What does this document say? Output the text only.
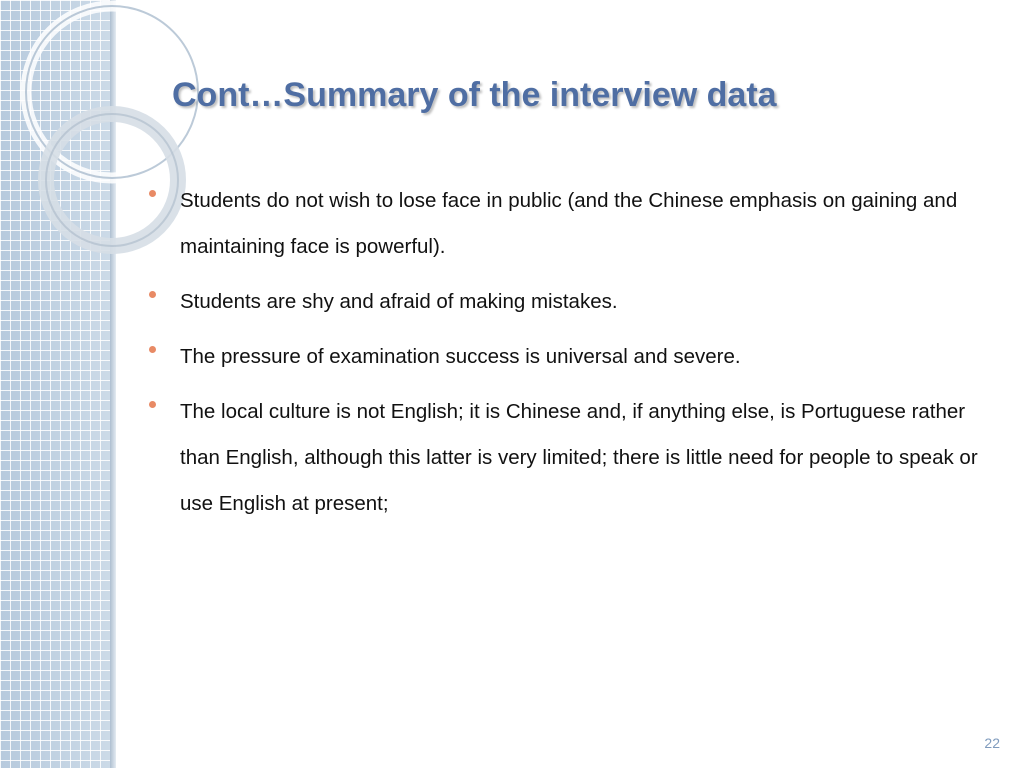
Cont…Summary of the interview data
Students do not wish to lose face in public (and the Chinese emphasis on gaining and maintaining face is powerful).
Students are shy and afraid of making mistakes.
The pressure of examination success is universal and severe.
The local culture is not English; it is Chinese and, if anything else, is Portuguese rather than English, although this latter is very limited; there is little need for people to speak or use English at present;
22
